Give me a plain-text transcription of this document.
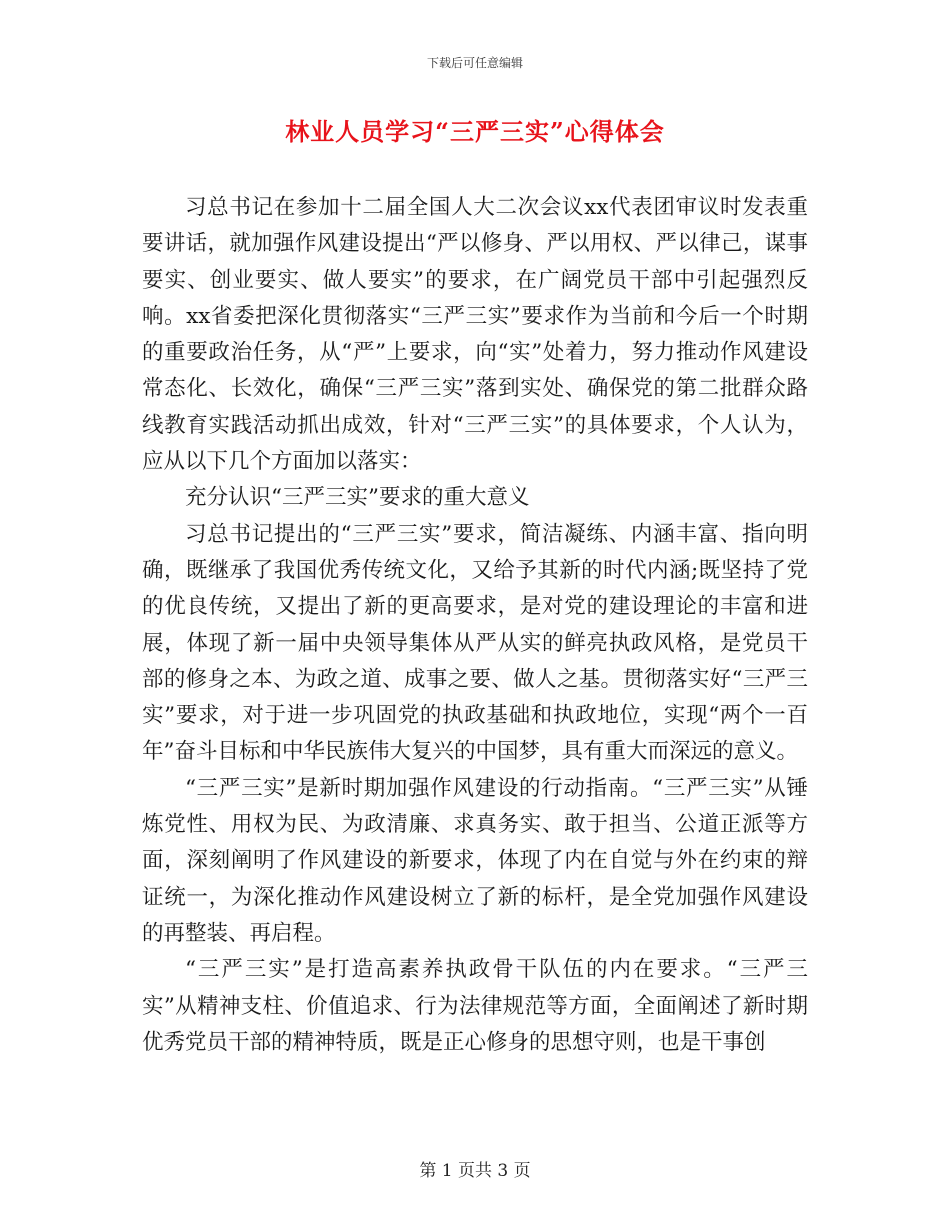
下载后可任意编辑
林业人员学习“三严三实”心得体会

习总书记在参加十二届全国人大二次会议xx代表团审议时发表重要讲话，就加强作风建设提出“严以修身、严以用权、严以律己，谋事要实、创业要实、做人要实”的要求，在广阔党员干部中引起强烈反响。xx省委把深化贯彻落实“三严三实”要求作为当前和今后一个时期的重要政治任务，从“严”上要求，向“实”处着力，努力推动作风建设常态化、长效化，确保“三严三实”落到实处、确保党的第二批群众路线教育实践活动抓出成效，针对“三严三实”的具体要求，个人认为，应从以下几个方面加以落实：

充分认识“三严三实”要求的重大意义

习总书记提出的“三严三实”要求，简洁凝练、内涵丰富、指向明确，既继承了我国优秀传统文化，又给予其新的时代内涵;既坚持了党的优良传统，又提出了新的更高要求，是对党的建设理论的丰富和进展，体现了新一届中央领导集体从严从实的鲜亮执政风格，是党员干部的修身之本、为政之道、成事之要、做人之基。贯彻落实好“三严三实”要求，对于进一步巩固党的执政基础和执政地位，实现“两个一百年”奋斗目标和中华民族伟大复兴的中国梦，具有重大而深远的意义。

“三严三实”是新时期加强作风建设的行动指南。“三严三实”从锤炼党性、用权为民、为政清廉、求真务实、敢于担当、公道正派等方面，深刻阐明了作风建设的新要求，体现了内在自觉与外在约束的辩证统一，为深化推动作风建设树立了新的标杆，是全党加强作风建设的再整装、再启程。

“三严三实”是打造高素养执政骨干队伍的内在要求。“三严三实”从精神支柱、价值追求、行为法律规范等方面，全面阐述了新时期优秀党员干部的精神特质，既是正心修身的思想守则，也是干事创

第 1 页共 3 页
